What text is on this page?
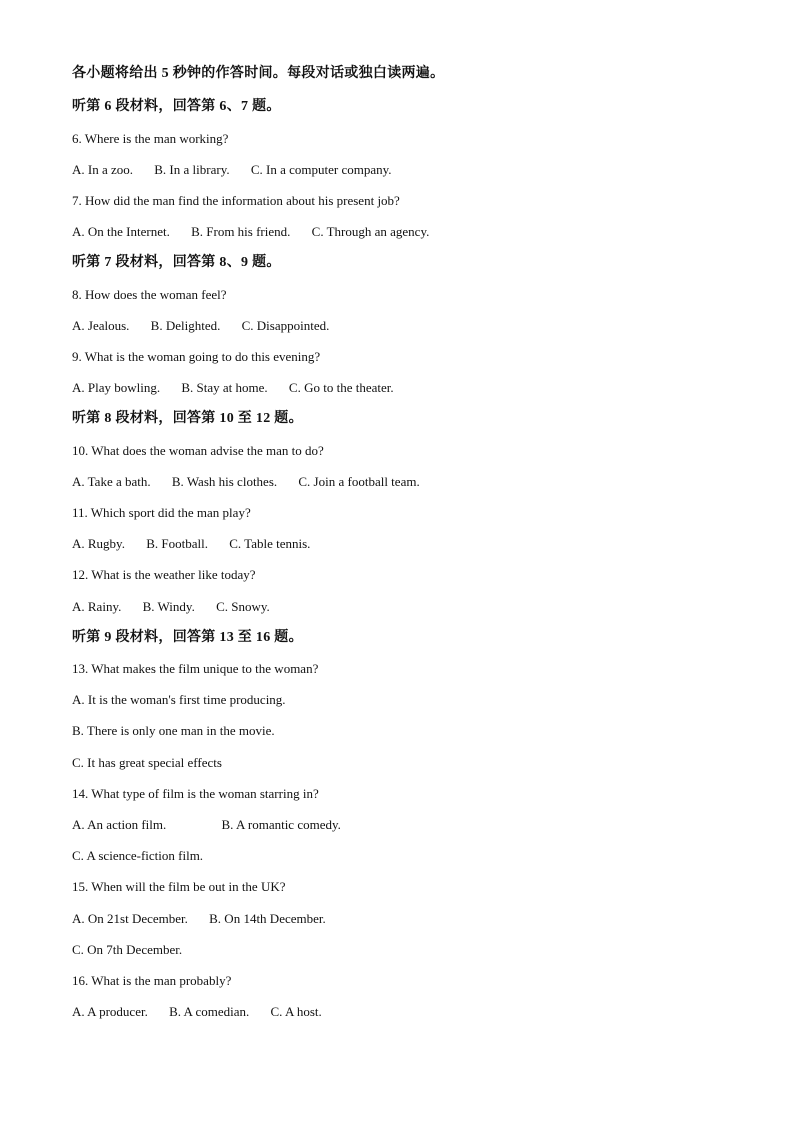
各小题将给出 5 秒钟的作答时间。每段对话或独白读两遍。
听第 6 段材料，回答第 6、7 题。
6. Where is the man working?
A. In a zoo. B. In a library. C. In a computer company.
7. How did the man find the information about his present job?
A. On the Internet. B. From his friend. C. Through an agency.
听第 7 段材料，回答第 8、9 题。
8. How does the woman feel?
A. Jealous. B. Delighted. C. Disappointed.
9. What is the woman going to do this evening?
A. Play bowling. B. Stay at home. C. Go to the theater.
听第 8 段材料，回答第 10 至 12 题。
10. What does the woman advise the man to do?
A. Take a bath. B. Wash his clothes. C. Join a football team.
11. Which sport did the man play?
A. Rugby. B. Football. C. Table tennis.
12. What is the weather like today?
A. Rainy. B. Windy. C. Snowy.
听第 9 段材料，回答第 13 至 16 题。
13. What makes the film unique to the woman?
A. It is the woman's first time producing.
B. There is only one man in the movie.
C. It has great special effects
14. What type of film is the woman starring in?
A. An action film.	B. A romantic comedy.
C. A science-fiction film.
15. When will the film be out in the UK?
A. On 21st December. B. On 14th December.
C. On 7th December.
16. What is the man probably?
A. A producer. B. A comedian. C. A host.
